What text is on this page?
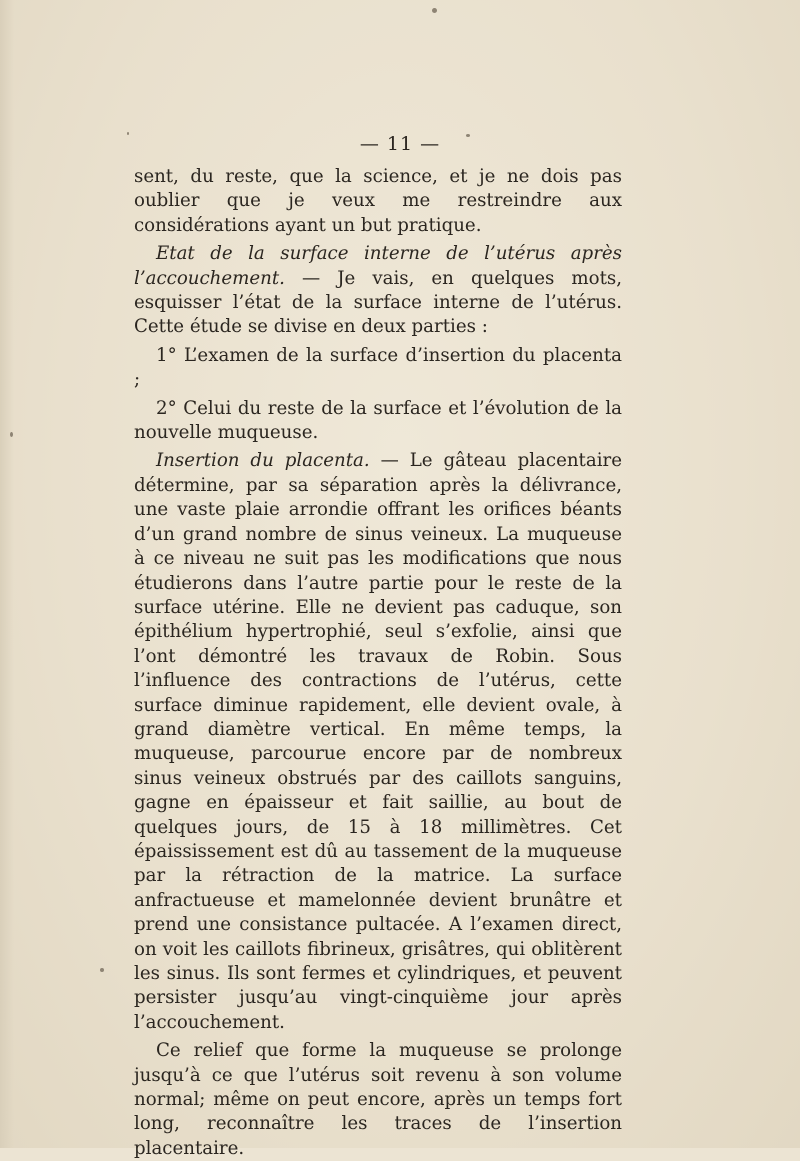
— 11 —

sent, du reste, que la science, et je ne dois pas oublier que je veux me restreindre aux considérations ayant un but pratique.

Etat de la surface interne de l’utérus après l’accouchement. — Je vais, en quelques mots, esquisser l’état de la surface interne de l’utérus. Cette étude se divise en deux parties :

1° L’examen de la surface d’insertion du placenta ;

2° Celui du reste de la surface et l’évolution de la nouvelle muqueuse.

Insertion du placenta. — Le gâteau placentaire détermine, par sa séparation après la délivrance, une vaste plaie arrondie offrant les orifices béants d’un grand nombre de sinus veineux. La muqueuse à ce niveau ne suit pas les modifications que nous étudierons dans l’autre partie pour le reste de la surface utérine. Elle ne devient pas caduque, son épithélium hypertrophié, seul s’exfolie, ainsi que l’ont démontré les travaux de Robin. Sous l’influence des contractions de l’utérus, cette surface diminue rapidement, elle devient ovale, à grand diamètre vertical. En même temps, la muqueuse, parcourue encore par de nombreux sinus veineux obstrués par des caillots sanguins, gagne en épaisseur et fait saillie, au bout de quelques jours, de 15 à 18 millimètres. Cet épaississement est dû au tassement de la muqueuse par la rétraction de la matrice. La surface anfractueuse et mamelonnée devient brunâtre et prend une consistance pultacée. A l’examen direct, on voit les caillots fibrineux, grisâtres, qui oblitèrent les sinus. Ils sont fermes et cylindriques, et peuvent persister jusqu’au vingt-cinquième jour après l’accouchement.

Ce relief que forme la muqueuse se prolonge jusqu’à ce que l’utérus soit revenu à son volume normal; même on peut encore, après un temps fort long, reconnaître les traces de l’insertion placentaire.
